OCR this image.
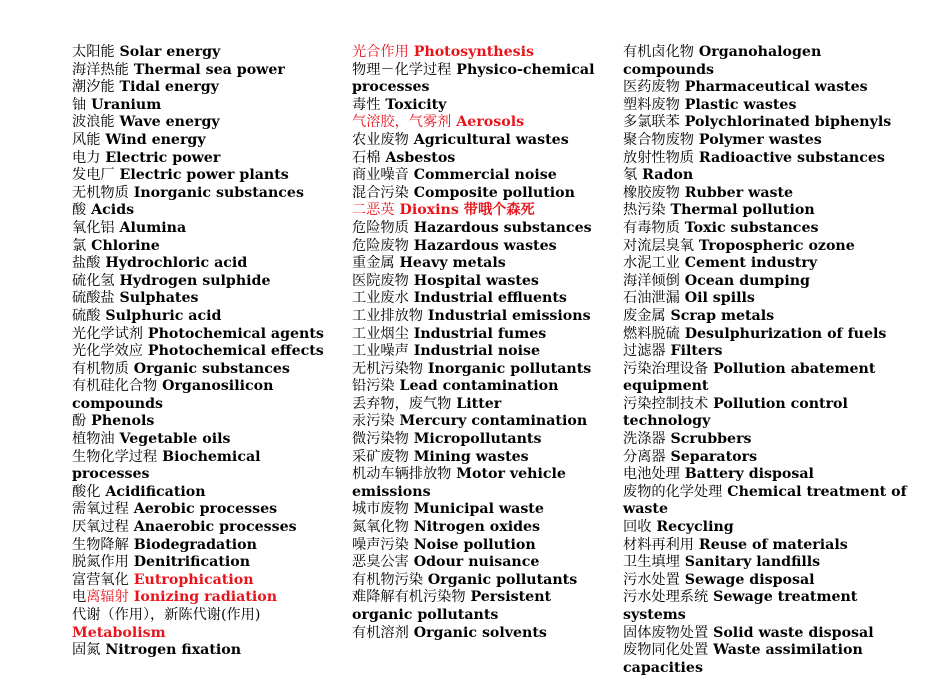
太阳能 Solar energy
海洋热能 Thermal sea power
潮汐能 Tidal energy
铀 Uranium
波浪能 Wave energy
风能 Wind energy
电力 Electric power
发电厂 Electric power plants
无机物质 Inorganic substances
酸 Acids
氧化铝 Alumina
氯 Chlorine
盐酸 Hydrochloric acid
硫化氢 Hydrogen sulphide
硫酸盐 Sulphates
硫酸 Sulphuric acid
光化学试剂 Photochemical agents
光化学效应 Photochemical effects
有机物质 Organic substances
有机硅化合物 Organosilicon compounds
酚 Phenols
植物油 Vegetable oils
生物化学过程 Biochemical processes
酸化 Acidification
需氧过程 Aerobic processes
厌氧过程 Anaerobic processes
生物降解 Biodegradation
脱氮作用 Denitrification
富营氧化 Eutrophication
电离辐射 Ionizing radiation
代谢（作用），新陈代谢(作用) Metabolism
固氮 Nitrogen fixation
光合作用 Photosynthesis
物理－化学过程 Physico-chemical processes
毒性 Toxicity
气溶胶，气雾剂 Aerosols
农业废物 Agricultural wastes
石棉 Asbestos
商业噪音 Commercial noise
混合污染 Composite pollution
二恶英 Dioxins 带哦个森死
危险物质 Hazardous substances
危险废物 Hazardous wastes
重金属 Heavy metals
医院废物 Hospital wastes
工业废水 Industrial effluents
工业排放物 Industrial emissions
工业烟尘 Industrial fumes
工业噪声 Industrial noise
无机污染物 Inorganic pollutants
铅污染 Lead contamination
丢弃物，废气物 Litter
汞污染 Mercury contamination
微污染物 Micropollutants
采矿废物 Mining wastes
机动车辆排放物 Motor vehicle emissions
城市废物 Municipal waste
氮氧化物 Nitrogen oxides
噪声污染 Noise pollution
恶臭公害 Odour nuisance
有机物污染 Organic pollutants
难降解有机污染物 Persistent organic pollutants
有机溶剂 Organic solvents
有机卤化物 Organohalogen compounds
医药废物 Pharmaceutical wastes
塑料废物 Plastic wastes
多氯联苯 Polychlorinated biphenyls
聚合物废物 Polymer wastes
放射性物质 Radioactive substances
氡 Radon
橡胶废物 Rubber waste
热污染 Thermal pollution
有毒物质 Toxic substances
对流层臭氧 Tropospheric ozone
水泥工业 Cement industry
海洋倾倒 Ocean dumping
石油泄漏 Oil spills
废金属 Scrap metals
燃料脱硫 Desulphurization of fuels
过滤器 Filters
污染治理设备 Pollution abatement equipment
污染控制技术 Pollution control technology
洗涤器 Scrubbers
分离器 Separators
电池处理 Battery disposal
废物的化学处理 Chemical treatment of waste
回收 Recycling
材料再利用 Reuse of materials
卫生填埋 Sanitary landfills
污水处置 Sewage disposal
污水处理系统 Sewage treatment systems
固体废物处置 Solid waste disposal
废物同化处置 Waste assimilation capacities
